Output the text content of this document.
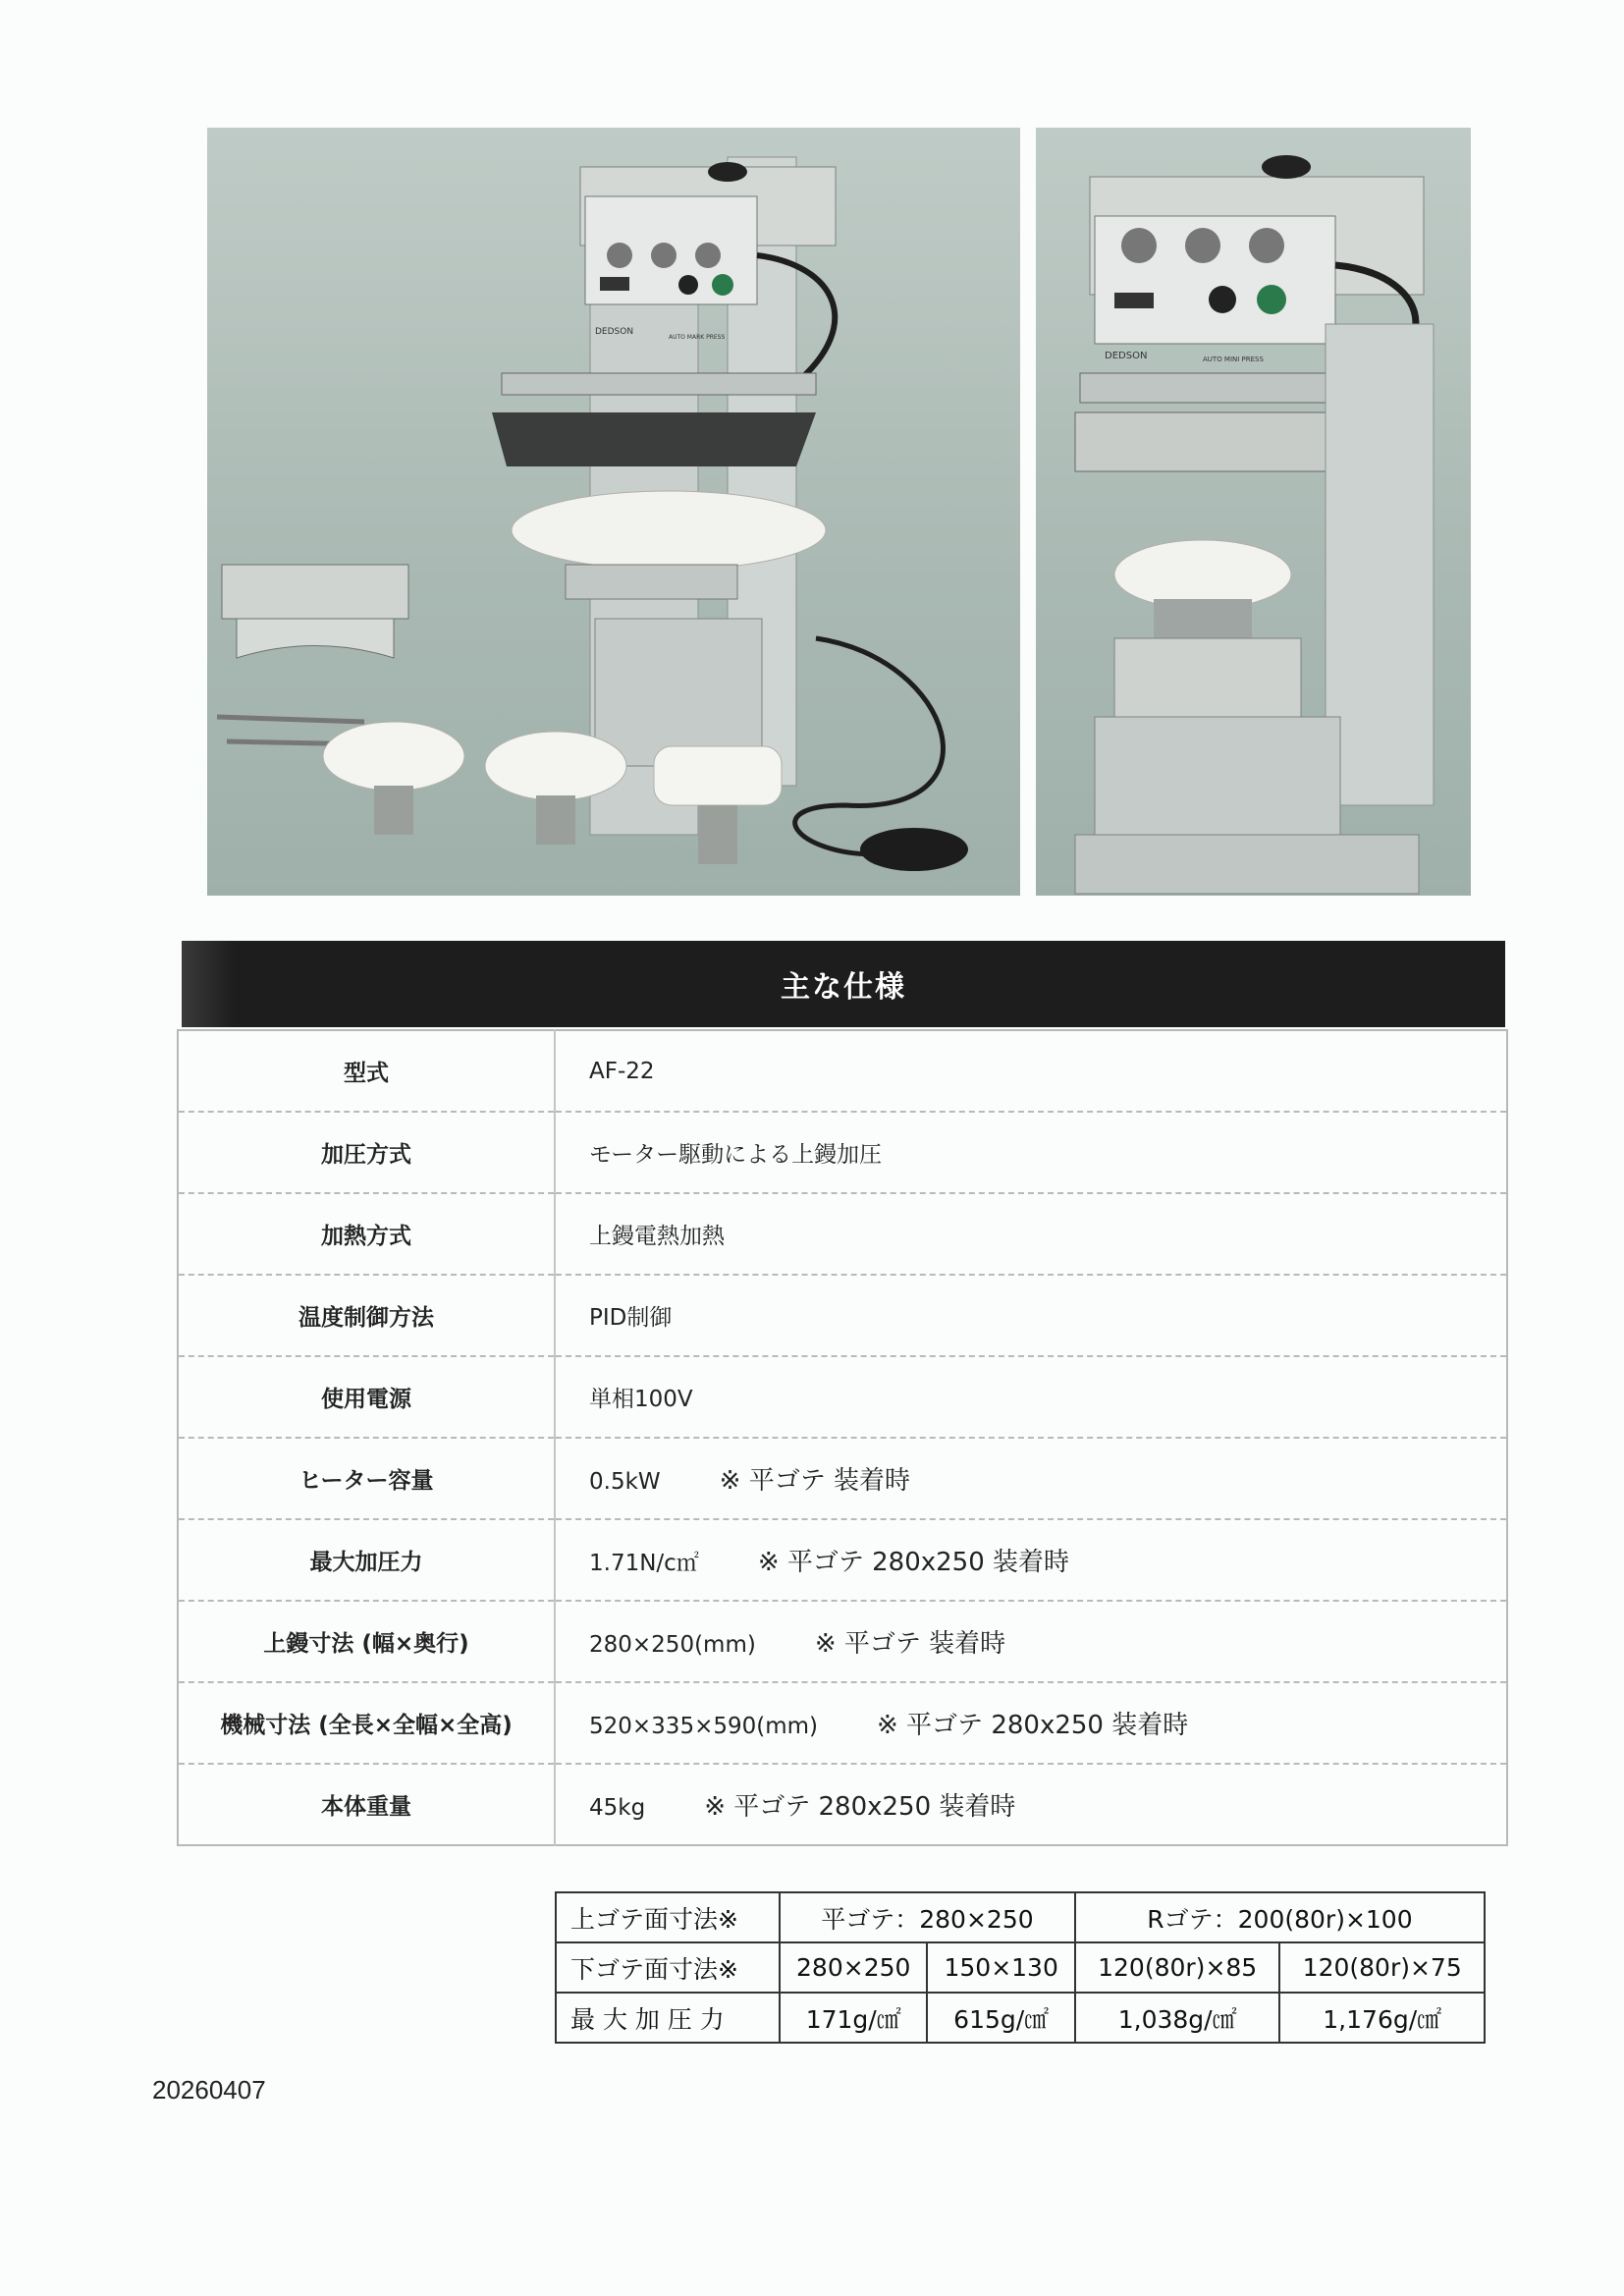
DEDSON
AUTO MARK PRESS
DEDSON	AUTO MINI PRESS
主な仕様
型式	AF-22
加圧方式	モーター駆動による上鏝加圧
加熱方式	上鏝電熱加熱
温度制御方法	PID制御
使用電源	単相100V
ヒーター容量	0.5kW ※ 平ゴテ 装着時
最大加圧力	1.71N/c㎡ ※ 平ゴテ 280x250 装着時
上鏝寸法 (幅×奥行)	280×250(mm) ※ 平ゴテ 装着時
機械寸法 (全長×全幅×全高)	520×335×590(mm) ※ 平ゴテ 280x250 装着時
本体重量	45kg ※ 平ゴテ 280x250 装着時
上ゴテ面寸法※	平ゴテ：280×250		Rゴテ：200(80r)×100	
下ゴテ面寸法※	280×250	150×130	120(80r)×85	120(80r)×75
最 大 加 圧 力	171g/㎠	615g/㎠	1,038g/㎠	1,176g/㎠
20260407
